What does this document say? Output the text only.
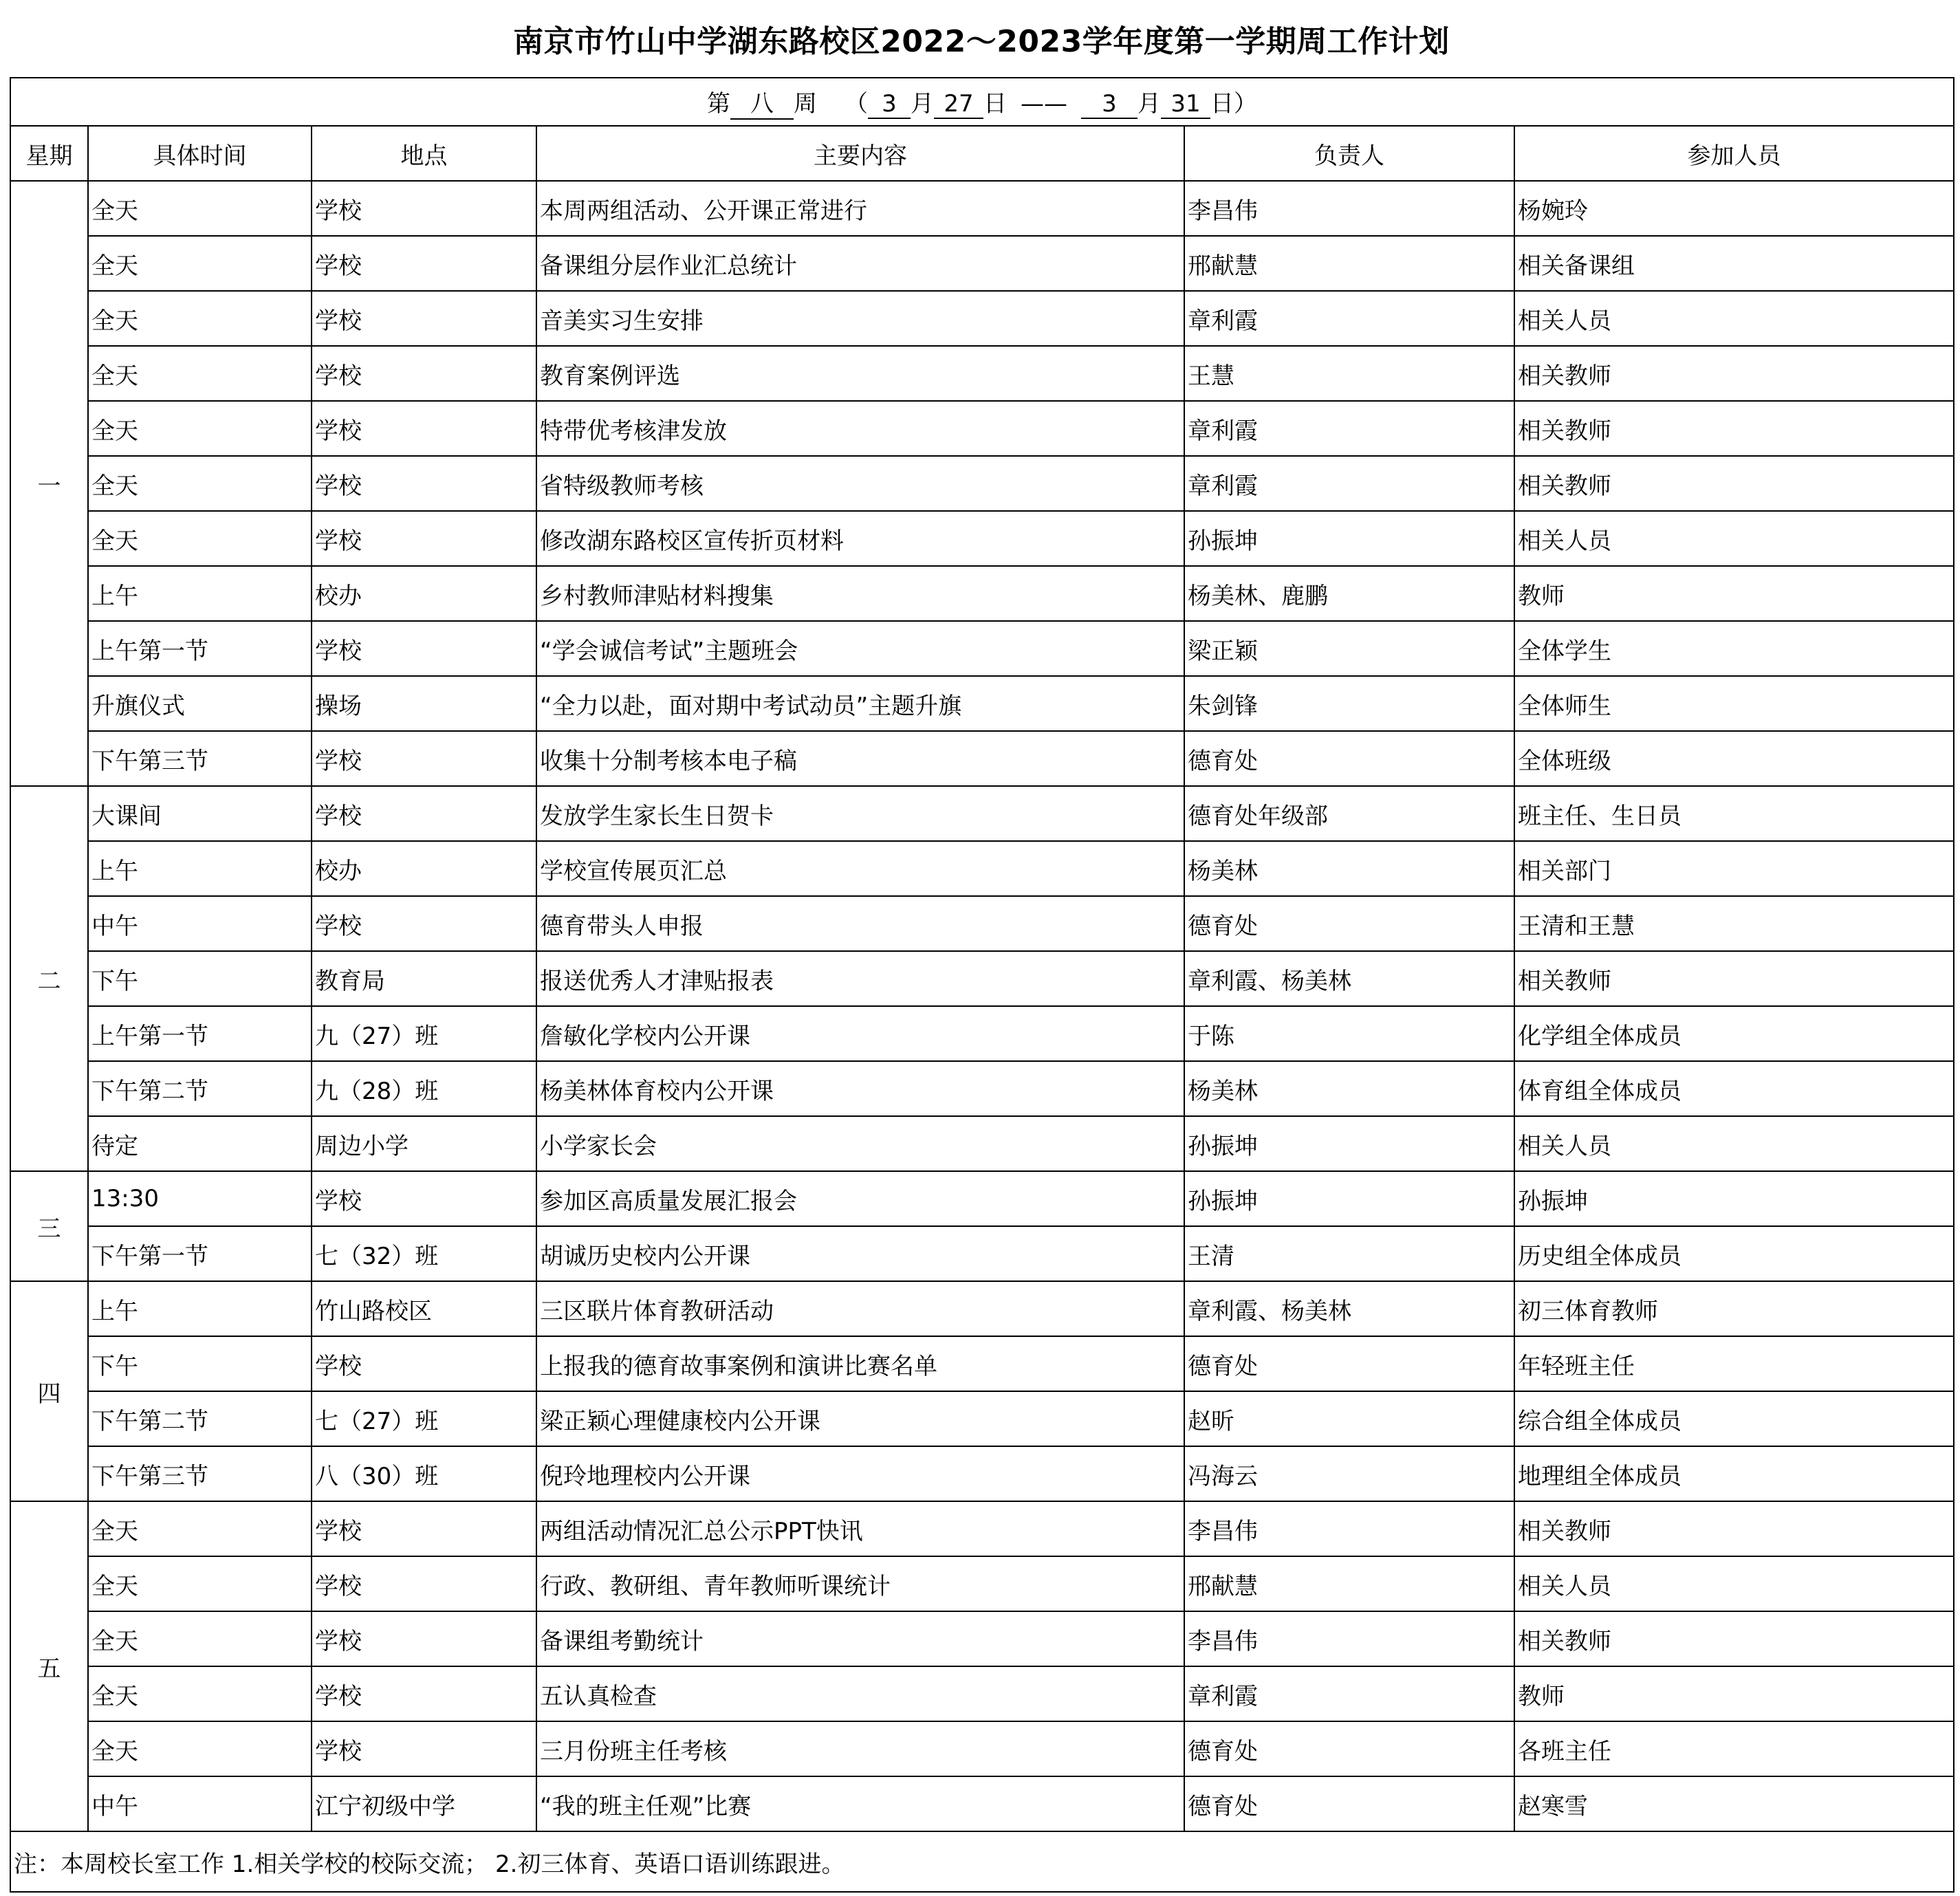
南京市竹山中学湖东路校区2022～2023学年度第一学期周工作计划
第 八 周 （ 3 月 27 日 —— 3 月 31 日）					
星期	具体时间	地点	主要内容	负责人	参加人员
一	全天	学校	本周两组活动、公开课正常进行	李昌伟	杨婉玲
	全天	学校	备课组分层作业汇总统计	邢献慧	相关备课组
	全天	学校	音美实习生安排	章利霞	相关人员
	全天	学校	教育案例评选	王慧	相关教师
	全天	学校	特带优考核津发放	章利霞	相关教师
	全天	学校	省特级教师考核	章利霞	相关教师
	全天	学校	修改湖东路校区宣传折页材料	孙振坤	相关人员
	上午	校办	乡村教师津贴材料搜集	杨美林、鹿鹏	教师
	上午第一节	学校	“学会诚信考试”主题班会	梁正颖	全体学生
	升旗仪式	操场	“全力以赴，面对期中考试动员”主题升旗	朱剑锋	全体师生
	下午第三节	学校	收集十分制考核本电子稿	德育处	全体班级
二	大课间	学校	发放学生家长生日贺卡	德育处年级部	班主任、生日员
	上午	校办	学校宣传展页汇总	杨美林	相关部门
	中午	学校	德育带头人申报	德育处	王清和王慧
	下午	教育局	报送优秀人才津贴报表	章利霞、杨美林	相关教师
	上午第一节	九（27）班	詹敏化学校内公开课	于陈	化学组全体成员
	下午第二节	九（28）班	杨美林体育校内公开课	杨美林	体育组全体成员
	待定	周边小学	小学家长会	孙振坤	相关人员
三	13:30	学校	参加区高质量发展汇报会	孙振坤	孙振坤
	下午第一节	七（32）班	胡诚历史校内公开课	王清	历史组全体成员
四	上午	竹山路校区	三区联片体育教研活动	章利霞、杨美林	初三体育教师
	下午	学校	上报我的德育故事案例和演讲比赛名单	德育处	年轻班主任
	下午第二节	七（27）班	梁正颖心理健康校内公开课	赵昕	综合组全体成员
	下午第三节	八（30）班	倪玲地理校内公开课	冯海云	地理组全体成员
五	全天	学校	两组活动情况汇总公示PPT快讯	李昌伟	相关教师
	全天	学校	行政、教研组、青年教师听课统计	邢献慧	相关人员
	全天	学校	备课组考勤统计	李昌伟	相关教师
	全天	学校	五认真检查	章利霞	教师
	全天	学校	三月份班主任考核	德育处	各班主任
	中午	江宁初级中学	“我的班主任观”比赛	德育处	赵寒雪
注：本周校长室工作 1.相关学校的校际交流； 2.初三体育、英语口语训练跟进。					
